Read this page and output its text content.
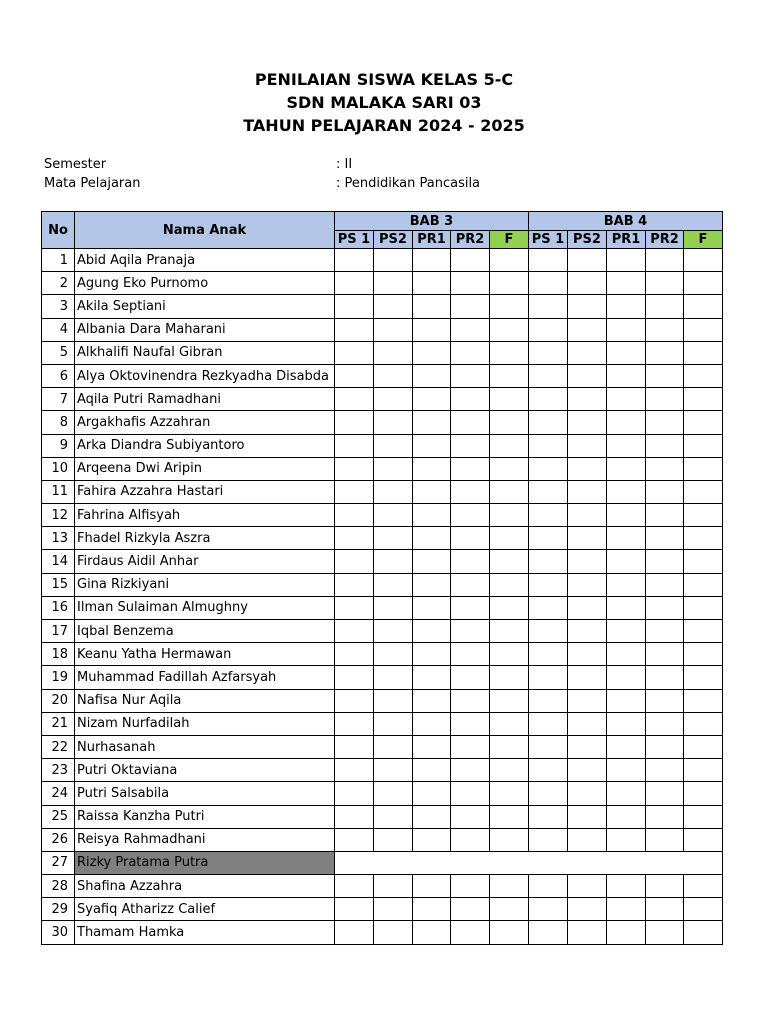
PENILAIAN SISWA KELAS 5-C
SDN MALAKA SARI 03
TAHUN PELAJARAN 2024 - 2025
Semester	: II
Mata Pelajaran	: Pendidikan Pancasila
No	Nama Anak	BAB 3					BAB 4				
		PS 1	PS2	PR1	PR2	F	PS 1	PS2	PR1	PR2	F
1	Abid Aqila Pranaja										
2	Agung Eko Purnomo										
3	Akila Septiani										
4	Albania Dara Maharani										
5	Alkhalifi Naufal Gibran										
6	Alya Oktovinendra Rezkyadha Disabda										
7	Aqila Putri Ramadhani										
8	Argakhafis Azzahran										
9	Arka Diandra Subiyantoro										
10	Arqeena Dwi Aripin										
11	Fahira Azzahra Hastari										
12	Fahrina Alfisyah										
13	Fhadel Rizkyla Aszra										
14	Firdaus Aidil Anhar										
15	Gina Rizkiyani										
16	Ilman Sulaiman Almughny										
17	Iqbal Benzema										
18	Keanu Yatha Hermawan										
19	Muhammad Fadillah Azfarsyah										
20	Nafisa Nur Aqila										
21	Nizam Nurfadilah										
22	Nurhasanah										
23	Putri Oktaviana										
24	Putri Salsabila										
25	Raissa Kanzha Putri										
26	Reisya Rahmadhani										
27	Rizky Pratama Putra										
28	Shafina Azzahra										
29	Syafiq Atharizz Calief										
30	Thamam Hamka										
